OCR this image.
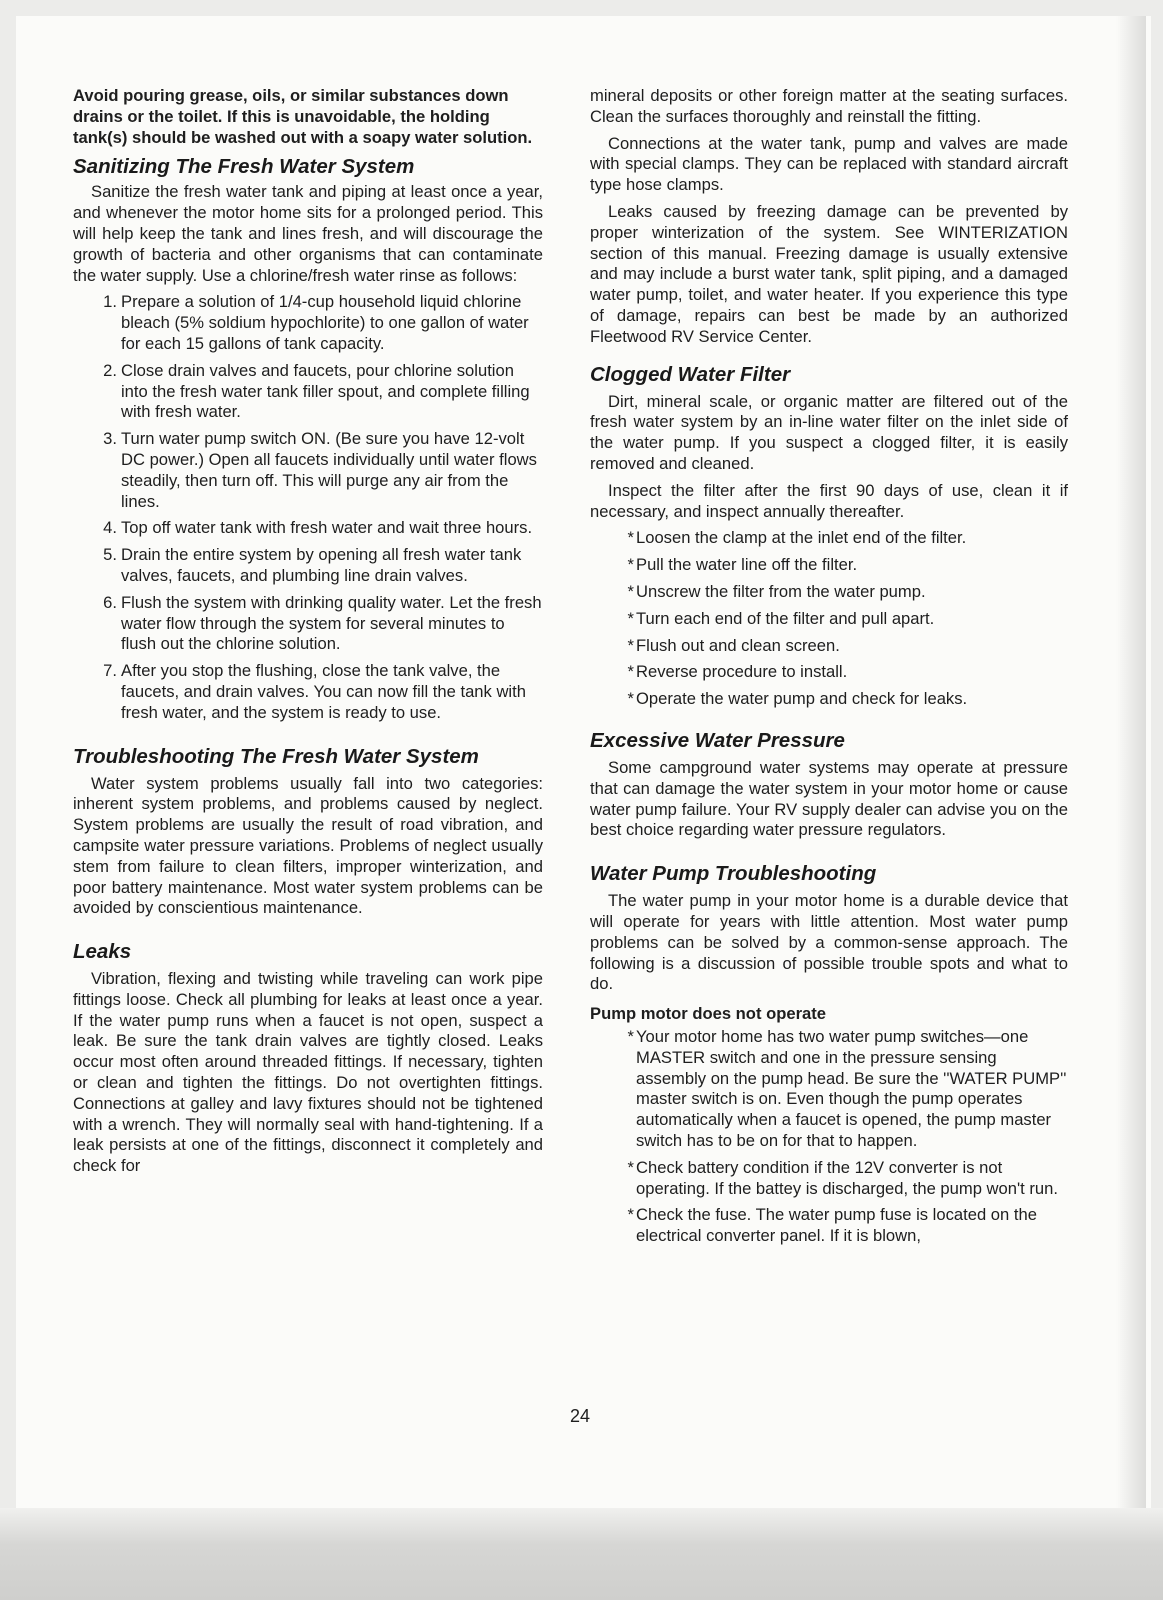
Avoid pouring grease, oils, or similar substances down drains or the toilet. If this is unavoidable, the holding tank(s) should be washed out with a soapy water solution.

Sanitizing The Fresh Water System

Sanitize the fresh water tank and piping at least once a year, and whenever the motor home sits for a prolonged period. This will help keep the tank and lines fresh, and will discourage the growth of bacteria and other organisms that can contaminate the water supply. Use a chlorine/fresh water rinse as follows:

1. Prepare a solution of 1/4-cup household liquid chlorine bleach (5% soldium hypochlorite) to one gallon of water for each 15 gallons of tank capacity.

2. Close drain valves and faucets, pour chlorine solution into the fresh water tank filler spout, and complete filling with fresh water.

3. Turn water pump switch ON. (Be sure you have 12-volt DC power.) Open all faucets individually until water flows steadily, then turn off. This will purge any air from the lines.

4. Top off water tank with fresh water and wait three hours.

5. Drain the entire system by opening all fresh water tank valves, faucets, and plumbing line drain valves.

6. Flush the system with drinking quality water. Let the fresh water flow through the system for several minutes to flush out the chlorine solution.

7. After you stop the flushing, close the tank valve, the faucets, and drain valves. You can now fill the tank with fresh water, and the system is ready to use.

Troubleshooting The Fresh Water System

Water system problems usually fall into two categories: inherent system problems, and problems caused by neglect. System problems are usually the result of road vibration, and campsite water pressure variations. Problems of neglect usually stem from failure to clean filters, improper winterization, and poor battery maintenance. Most water system problems can be avoided by conscientious maintenance.

Leaks

Vibration, flexing and twisting while traveling can work pipe fittings loose. Check all plumbing for leaks at least once a year. If the water pump runs when a faucet is not open, suspect a leak. Be sure the tank drain valves are tightly closed. Leaks occur most often around threaded fittings. If necessary, tighten or clean and tighten the fittings. Do not overtighten fittings. Connections at galley and lavy fixtures should not be tightened with a wrench. They will normally seal with hand-tightening. If a leak persists at one of the fittings, disconnect it completely and check for

mineral deposits or other foreign matter at the seating surfaces. Clean the surfaces thoroughly and reinstall the fitting.

Connections at the water tank, pump and valves are made with special clamps. They can be replaced with standard aircraft type hose clamps.

Leaks caused by freezing damage can be prevented by proper winterization of the system. See WINTERIZATION section of this manual. Freezing damage is usually extensive and may include a burst water tank, split piping, and a damaged water pump, toilet, and water heater. If you experience this type of damage, repairs can best be made by an authorized Fleetwood RV Service Center.

Clogged Water Filter

Dirt, mineral scale, or organic matter are filtered out of the fresh water system by an in-line water filter on the inlet side of the water pump. If you suspect a clogged filter, it is easily removed and cleaned.

Inspect the filter after the first 90 days of use, clean it if necessary, and inspect annually thereafter.

* Loosen the clamp at the inlet end of the filter.

* Pull the water line off the filter.

* Unscrew the filter from the water pump.

* Turn each end of the filter and pull apart.

* Flush out and clean screen.

* Reverse procedure to install.

* Operate the water pump and check for leaks.

Excessive Water Pressure

Some campground water systems may operate at pressure that can damage the water system in your motor home or cause water pump failure. Your RV supply dealer can advise you on the best choice regarding water pressure regulators.

Water Pump Troubleshooting

The water pump in your motor home is a durable device that will operate for years with little attention. Most water pump problems can be solved by a common-sense approach. The following is a discussion of possible trouble spots and what to do.

Pump motor does not operate
* Your motor home has two water pump switches—one MASTER switch and one in the pressure sensing assembly on the pump head. Be sure the ''WATER PUMP'' master switch is on. Even though the pump operates automatically when a faucet is opened, the pump master switch has to be on for that to happen.

* Check battery condition if the 12V converter is not operating. If the battey is discharged, the pump won't run.

* Check the fuse. The water pump fuse is located on the electrical converter panel. If it is blown,

24
